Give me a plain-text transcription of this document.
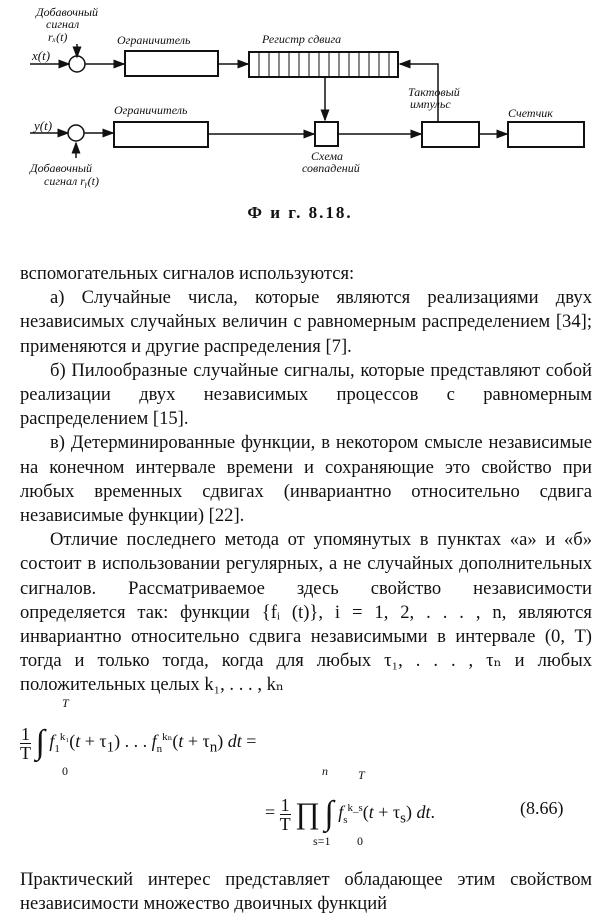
Добавочный
сигнал
rₓ(t)
x(t)
Ограничитель	Регистр сдвига
y(t)
Ограничитель
Схема
совпадений
Тактовый
импульс
Счетчик
Добавочный
сигнал rᵧ(t)
Ф и г. 8.18.

вспомогательных сигналов используются:

а) Случайные числа, которые являются реализациями двух независимых случайных величин с равномерным распределением [34]; применяются и другие распределения [7].

б) Пилообразные случайные сигналы, которые представляют собой реализации двух независимых процессов с равномерным распределением [15].

в) Детерминированные функции, в некотором смысле независимые на конечном интервале времени и сохраняющие это свойство при любых временных сдвигах (инвариантно относительно сдвига независимые функции) [22].

Отличие последнего метода от упомянутых в пунктах «а» и «б» состоит в использовании регулярных, а не случайных дополнительных сигналов. Рассматриваемое здесь свойство независимости определяется так: функции {fᵢ (t)}, i = 1, 2, . . . , n, являются инвариантно относительно сдвига независимыми в интервале (0, T) тогда и только тогда, когда для любых τ₁, . . . , τₙ и любых положительных целых k₁, . . . , kₙ

1

T ∫ $f_1^{k_1}(t + \tau_1)$ . . . $f_n^{k_n}(t + \tau_n)$ dt =
T
0
= 1

T ∏ ∫ $f_s^{k\_s}(t + \tau_s)$ dt.
n
s=1
T
0
(8.66)
Практический интерес представляет обладающее этим свойством независимости множество двоичных функций
